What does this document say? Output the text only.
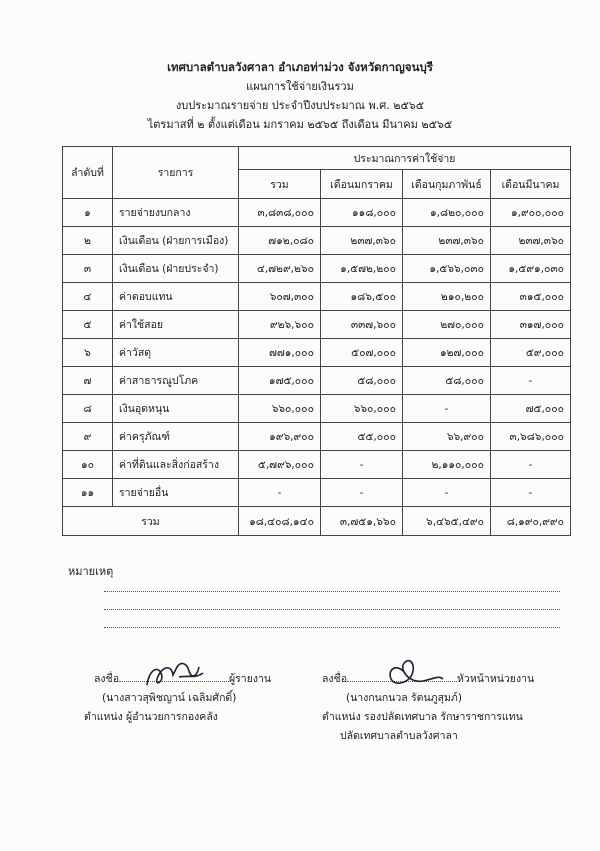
เทศบาลตำบลวังศาลา อำเภอท่าม่วง จังหวัดกาญจนบุรี
แผนการใช้จ่ายเงินรวม
งบประมาณรายจ่าย ประจำปีงบประมาณ พ.ศ. ๒๕๖๕
ไตรมาสที่ ๒ ตั้งแต่เดือน มกราคม ๒๕๖๕ ถึงเดือน มีนาคม ๒๕๖๕
ลำดับที่	รายการ	ประมาณการค่าใช้จ่าย			
		รวม	เดือนมกราคม	เดือนกุมภาพันธ์	เดือนมีนาคม
๑	รายจ่ายงบกลาง	๓,๘๓๘,๐๐๐	๑๑๘,๐๐๐	๑,๘๒๐,๐๐๐	๑,๙๐๐,๐๐๐
๒	เงินเดือน (ฝ่ายการเมือง)	๗๑๒,๐๘๐	๒๓๗,๓๖๐	๒๓๗,๓๖๐	๒๓๗,๓๖๐
๓	เงินเดือน (ฝ่ายประจำ)	๔,๗๒๙,๒๖๐	๑,๕๗๒,๒๐๐	๑,๕๖๖,๐๓๐	๑,๕๙๑,๐๓๐
๔	ค่าตอบแทน	๖๐๗,๓๐๐	๑๘๖,๕๐๐	๒๑๐,๒๐๐	๓๑๕,๐๐๐
๕	ค่าใช้สอย	๙๒๖,๖๐๐	๓๓๗,๖๐๐	๒๗๐,๐๐๐	๓๑๗,๐๐๐
๖	ค่าวัสดุ	๗๗๑,๐๐๐	๕๐๗,๐๐๐	๑๒๗,๐๐๐	๕๙,๐๐๐
๗	ค่าสาธารณูปโภค	๑๗๕,๐๐๐	๕๘,๐๐๐	๕๘,๐๐๐	-
๘	เงินอุดหนุน	๖๖๐,๐๐๐	๖๖๐,๐๐๐	-	๗๕,๐๐๐
๙	ค่าครุภัณฑ์	๑๙๖,๙๐๐	๕๕,๐๐๐	๖๖,๙๐๐	๓,๖๘๖,๐๐๐
๑๐	ค่าที่ดินและสิ่งก่อสร้าง	๕,๗๙๖,๐๐๐	-	๒,๑๑๐,๐๐๐	-
๑๑	รายจ่ายอื่น	-	-	-	-
รวม		๑๘,๔๐๘,๑๔๐	๓,๗๕๑,๖๖๐	๖,๔๖๕,๔๙๐	๘,๑๙๐,๙๙๐
หมายเหตุ
ลงชื่อ	ผู้รายงาน
(นางสาวสุพิชญาน์ เฉลิมศักดิ์)
ตำแหน่ง ผู้อำนวยการกองคลัง
ลงชื่อ	หัวหน้าหน่วยงาน
(นางกนกนวล รัตนภูสุมภ์)
ตำแหน่ง รองปลัดเทศบาล รักษาราชการแทน
ปลัดเทศบาลตำบลวังศาลา
